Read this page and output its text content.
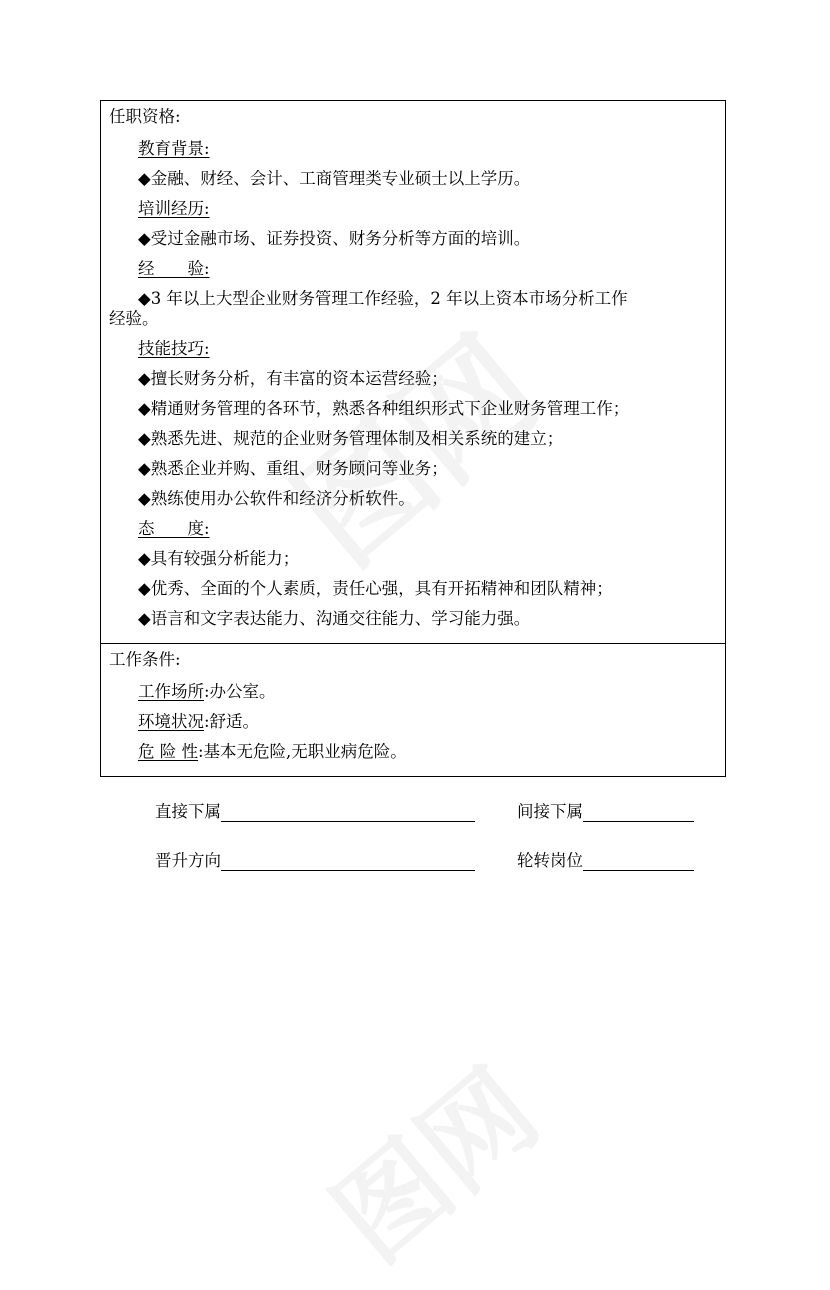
任职资格:

教育背景:

◆金融、财经、会计、工商管理类专业硕士以上学历。

培训经历:

◆受过金融市场、证券投资、财务分析等方面的培训。

经　　验:

◆3 年以上大型企业财务管理工作经验，2 年以上资本市场分析工作

经验。

技能技巧:

◆擅长财务分析，有丰富的资本运营经验；

◆精通财务管理的各环节，熟悉各种组织形式下企业财务管理工作；

◆熟悉先进、规范的企业财务管理体制及相关系统的建立；

◆熟悉企业并购、重组、财务顾问等业务；

◆熟练使用办公软件和经济分析软件。

态　　度:

◆具有较强分析能力；

◆优秀、全面的个人素质，责任心强，具有开拓精神和团队精神；

◆语言和文字表达能力、沟通交往能力、学习能力强。

工作条件:

工作场所:办公室。

环境状况:舒适。

危 险 性:基本无危险,无职业病危险。

直接下属	间接下属
晋升方向	轮转岗位
